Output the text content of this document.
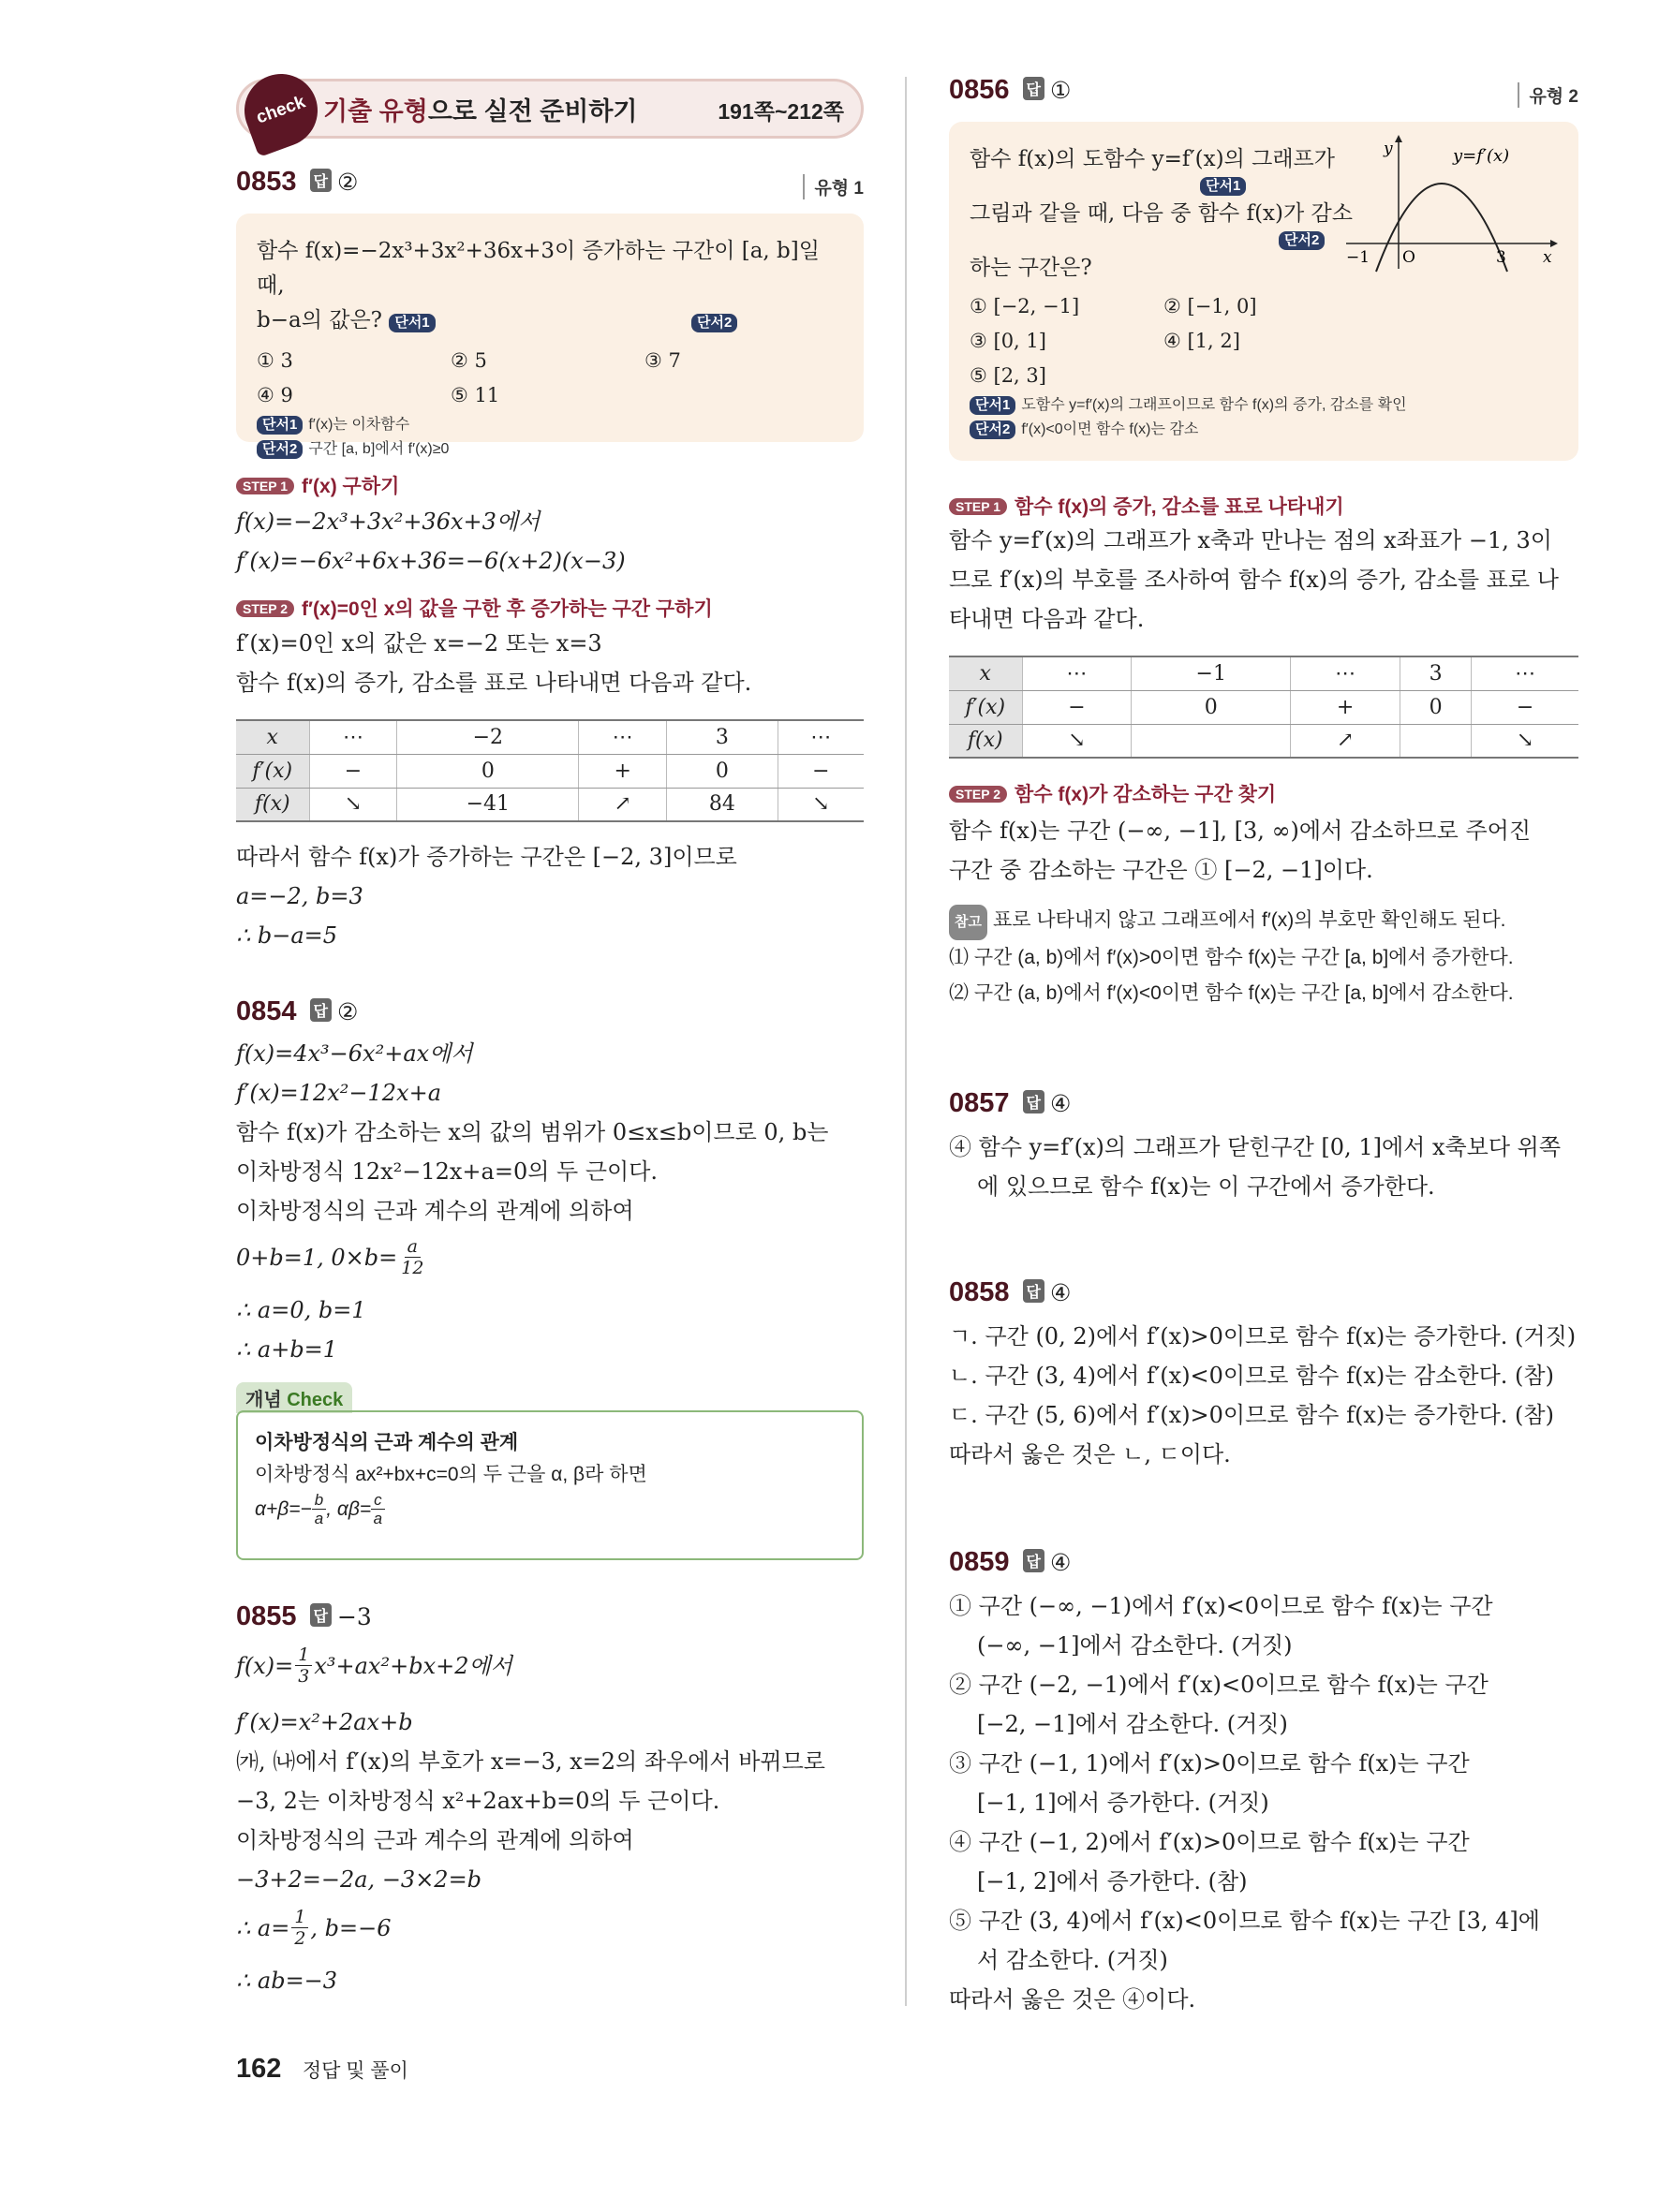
check 기출 유형으로 실전 준비하기	191쪽~212쪽
0853 답 ②	유형 1
함수 f(x)=−2x³+3x²+36x+3이 증가하는 구간이 [a, b]일 때,
b−a의 값은? 단서1	단서2
① 3	② 5	③ 7
④ 9	⑤ 11
단서1 f′(x)는 이차함수
단서2 구간 [a, b]에서 f′(x)≥0
STEP 1 f′(x) 구하기
f(x)=−2x³+3x²+36x+3에서
f′(x)=−6x²+6x+36=−6(x+2)(x−3)
STEP 2 f′(x)=0인 x의 값을 구한 후 증가하는 구간 구하기
f′(x)=0인 x의 값은 x=−2 또는 x=3
함수 f(x)의 증가, 감소를 표로 나타내면 다음과 같다.
x	⋯	−2	⋯	3	⋯
f′(x)	−	0	+	0	−
f(x)	↘	−41	↗	84	↘
따라서 함수 f(x)가 증가하는 구간은 [−2, 3]이므로
a=−2, b=3
∴ b−a=5
0854 답 ②
f(x)=4x³−6x²+ax에서
f′(x)=12x²−12x+a
함수 f(x)가 감소하는 x의 값의 범위가 0≤x≤b이므로 0, b는
이차방정식 12x²−12x+a=0의 두 근이다.
이차방정식의 근과 계수의 관계에 의하여
0+b=1, $0\times b= \frac{a}{12}$
∴ a=0, b=1
∴ a+b=1
개념 Check
이차방정식의 근과 계수의 관계
이차방정식 ax²+bx+c=0의 두 근을 α, β라 하면
$\alpha+\beta=- \frac{b}{a}$ , $\alpha\beta= \frac{c}{a}$
0855 답 −3
$f(x)= \frac{1}{3} x^3+ax^2+bx+2$에서
f′(x)=x²+2ax+b
㈎, ㈏에서 f′(x)의 부호가 x=−3, x=2의 좌우에서 바뀌므로
−3, 2는 이차방정식 x²+2ax+b=0의 두 근이다.
이차방정식의 근과 계수의 관계에 의하여
−3+2=−2a, −3×2=b
∴ $a= \frac{1}{2}$ , b=−6
∴ ab=−3
0856 답 ①	유형 2
함수 f(x)의 도함수 y=f′(x)의 그래프가
단서1
그림과 같을 때, 다음 중 함수 f(x)가 감소
단서2
하는 구간은?
① [−2, −1]	② [−1, 0]
③ [0, 1]	④ [1, 2]
⑤ [2, 3]
단서1 도함수 y=f′(x)의 그래프이므로 함수 f(x)의 증가, 감소를 확인
단서2 f′(x)<0이면 함수 f(x)는 감소
y	y=f′(x)
x
O
−1	3
STEP 1 함수 f(x)의 증가, 감소를 표로 나타내기
함수 y=f′(x)의 그래프가 x축과 만나는 점의 x좌표가 −1, 3이
므로 f′(x)의 부호를 조사하여 함수 f(x)의 증가, 감소를 표로 나
타내면 다음과 같다.
x	⋯	−1	⋯	3	⋯
f′(x)	−	0	+	0	−
f(x)	↘		↗		↘
STEP 2 함수 f(x)가 감소하는 구간 찾기
함수 f(x)는 구간 (−∞, −1], [3, ∞)에서 감소하므로 주어진
구간 중 감소하는 구간은 ① [−2, −1]이다.
참고 표로 나타내지 않고 그래프에서 f′(x)의 부호만 확인해도 된다.
⑴ 구간 (a, b)에서 f′(x)>0이면 함수 f(x)는 구간 [a, b]에서 증가한다.
⑵ 구간 (a, b)에서 f′(x)<0이면 함수 f(x)는 구간 [a, b]에서 감소한다.
0857 답 ④
④ 함수 y=f′(x)의 그래프가 닫힌구간 [0, 1]에서 x축보다 위쪽
에 있으므로 함수 f(x)는 이 구간에서 증가한다.
0858 답 ④
ㄱ. 구간 (0, 2)에서 f′(x)>0이므로 함수 f(x)는 증가한다. (거짓)
ㄴ. 구간 (3, 4)에서 f′(x)<0이므로 함수 f(x)는 감소한다. (참)
ㄷ. 구간 (5, 6)에서 f′(x)>0이므로 함수 f(x)는 증가한다. (참)
따라서 옳은 것은 ㄴ, ㄷ이다.
0859 답 ④
① 구간 (−∞, −1)에서 f′(x)<0이므로 함수 f(x)는 구간
(−∞, −1]에서 감소한다. (거짓)
② 구간 (−2, −1)에서 f′(x)<0이므로 함수 f(x)는 구간
[−2, −1]에서 감소한다. (거짓)
③ 구간 (−1, 1)에서 f′(x)>0이므로 함수 f(x)는 구간
[−1, 1]에서 증가한다. (거짓)
④ 구간 (−1, 2)에서 f′(x)>0이므로 함수 f(x)는 구간
[−1, 2]에서 증가한다. (참)
⑤ 구간 (3, 4)에서 f′(x)<0이므로 함수 f(x)는 구간 [3, 4]에
서 감소한다. (거짓)
따라서 옳은 것은 ④이다.
162 정답 및 풀이
